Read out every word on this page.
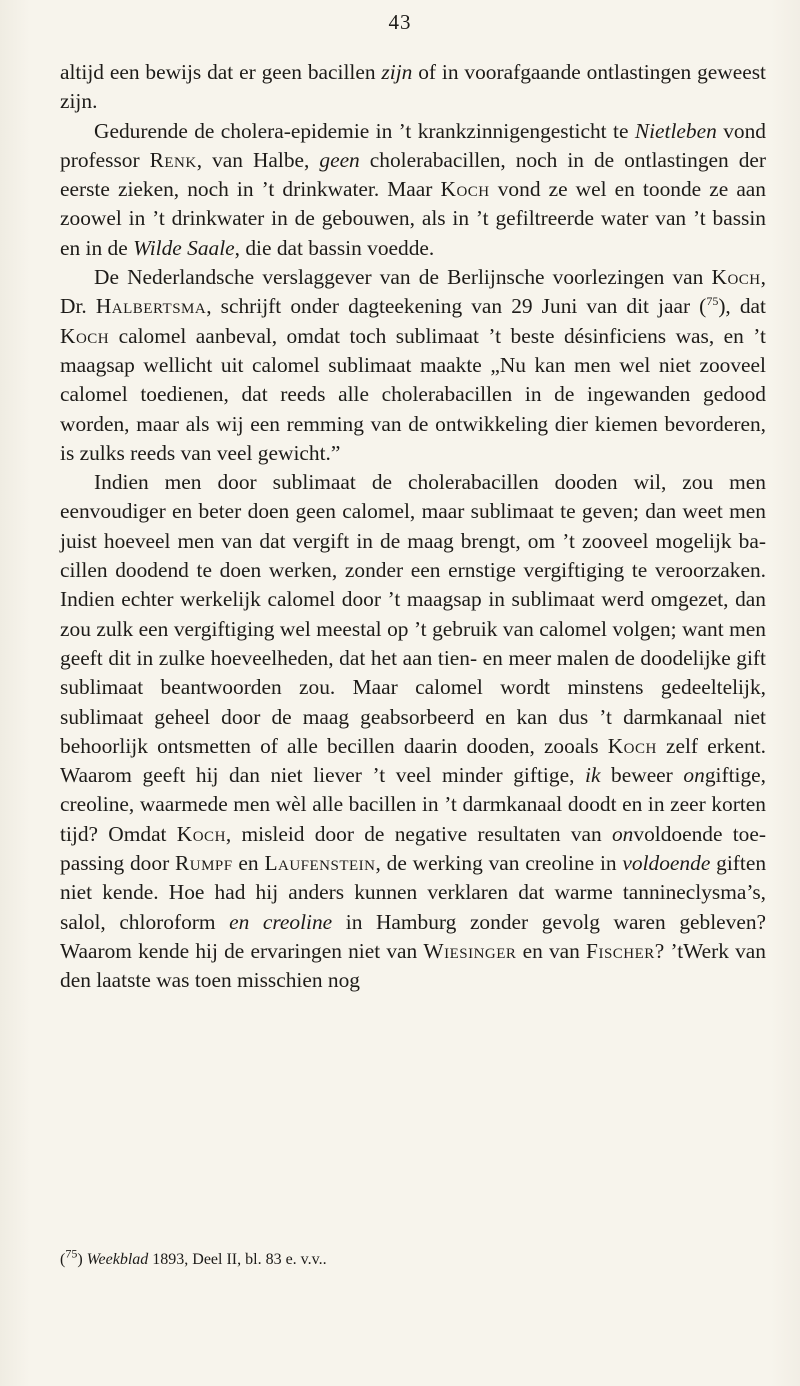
43

altijd een bewijs dat er geen bacillen zijn of in voorafgaande ontlastingen geweest zijn.

Gedurende de cholera-epidemie in ’t krankzinnigengesticht te Nietleben vond professor Renk, van Halbe, geen cholerabacillen, noch in de ontlastingen der eerste zieken, noch in ’t drinkwater. Maar Koch vond ze wel en toonde ze aan zoowel in ’t drinkwater in de gebouwen, als in ’t gefiltreerde water van ’t bassin en in de Wilde Saale, die dat bassin voedde.

De Nederlandsche verslaggever van de Berlijnsche voorlezingen van Koch, Dr. Halbertsma, schrijft onder dagteekening van 29 Juni van dit jaar ($^{75}$), dat Koch calomel aanbeval, omdat toch sublimaat ’t beste désinficiens was, en ’t maagsap wellicht uit calomel sublimaat maakte „Nu kan men wel niet zooveel calomel toedienen, dat reeds alle cholerabacillen in de ingewanden gedood worden, maar als wij een remming van de ontwikkeling dier kiemen bevorderen, is zulks reeds van veel gewicht.”

Indien men door sublimaat de cholerabacillen dooden wil, zou men eenvoudiger en beter doen geen calomel, maar sublimaat te geven; dan weet men juist hoeveel men van dat vergift in de maag brengt, om ’t zooveel mogelijk bacillen doodend te doen werken, zonder een ernstige vergiftiging te veroorzaken. Indien echter werkelijk calomel door ’t maagsap in sublimaat werd omgezet, dan zou zulk een vergiftiging wel meestal op ’t gebruik van calomel volgen; want men geeft dit in zulke hoeveelheden, dat het aan tien- en meer malen de doodelijke gift sublimaat beantwoorden zou. Maar calomel wordt minstens gedeeltelijk, sublimaat geheel door de maag geabsorbeerd en kan dus ’t darmkanaal niet behoorlijk ontsmetten of alle becillen daarin dooden, zooals Koch zelf erkent. Waarom geeft hij dan niet liever ’t veel minder giftige, ik beweer ongiftige, creoline, waarmede men wèl alle bacillen in ’t darmkanaal doodt en in zeer korten tijd? Omdat Koch, misleid door de negative resultaten van onvoldoende toepassing door Rumpf en Laufenstein, de werking van creoline in voldoende giften niet kende. Hoe had hij anders kunnen verklaren dat warme tannineclysma’s, salol, chloroform en creoline in Hamburg zonder gevolg waren gebleven? Waarom kende hij de ervaringen niet van Wiesinger en van Fischer? ’tWerk van den laatste was toen misschien nog

($^{75}$) Weekblad 1893, Deel II, bl. 83 e. v.v..
